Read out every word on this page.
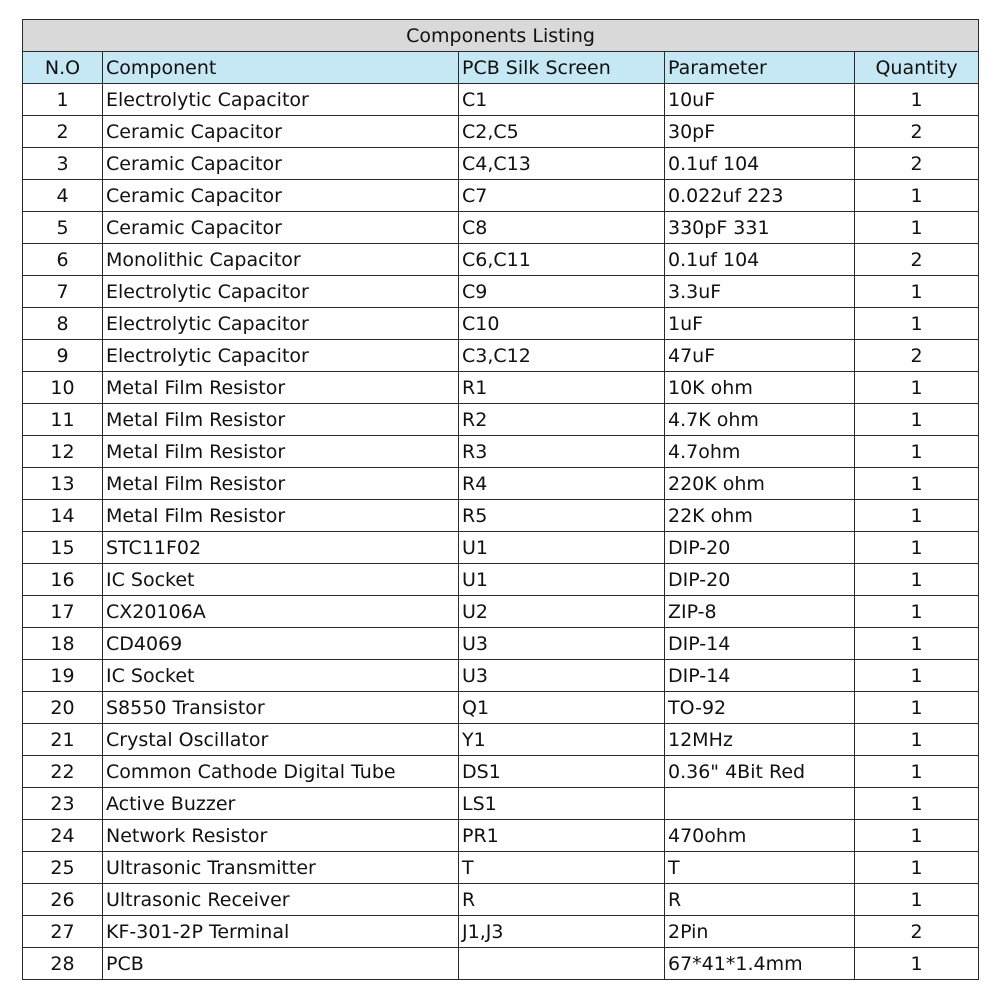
Components Listing				
N.O	Component	PCB Silk Screen	Parameter	Quantity
1	Electrolytic Capacitor	C1	10uF	1
2	Ceramic Capacitor	C2,C5	30pF	2
3	Ceramic Capacitor	C4,C13	0.1uf 104	2
4	Ceramic Capacitor	C7	0.022uf 223	1
5	Ceramic Capacitor	C8	330pF 331	1
6	Monolithic Capacitor	C6,C11	0.1uf 104	2
7	Electrolytic Capacitor	C9	3.3uF	1
8	Electrolytic Capacitor	C10	1uF	1
9	Electrolytic Capacitor	C3,C12	47uF	2
10	Metal Film Resistor	R1	10K ohm	1
11	Metal Film Resistor	R2	4.7K ohm	1
12	Metal Film Resistor	R3	4.7ohm	1
13	Metal Film Resistor	R4	220K ohm	1
14	Metal Film Resistor	R5	22K ohm	1
15	STC11F02	U1	DIP-20	1
16	IC Socket	U1	DIP-20	1
17	CX20106A	U2	ZIP-8	1
18	CD4069	U3	DIP-14	1
19	IC Socket	U3	DIP-14	1
20	S8550 Transistor	Q1	TO-92	1
21	Crystal Oscillator	Y1	12MHz	1
22	Common Cathode Digital Tube	DS1	0.36" 4Bit Red	1
23	Active Buzzer	LS1		1
24	Network Resistor	PR1	470ohm	1
25	Ultrasonic Transmitter	T	T	1
26	Ultrasonic Receiver	R	R	1
27	KF-301-2P Terminal	J1,J3	2Pin	2
28	PCB		67*41*1.4mm	1
